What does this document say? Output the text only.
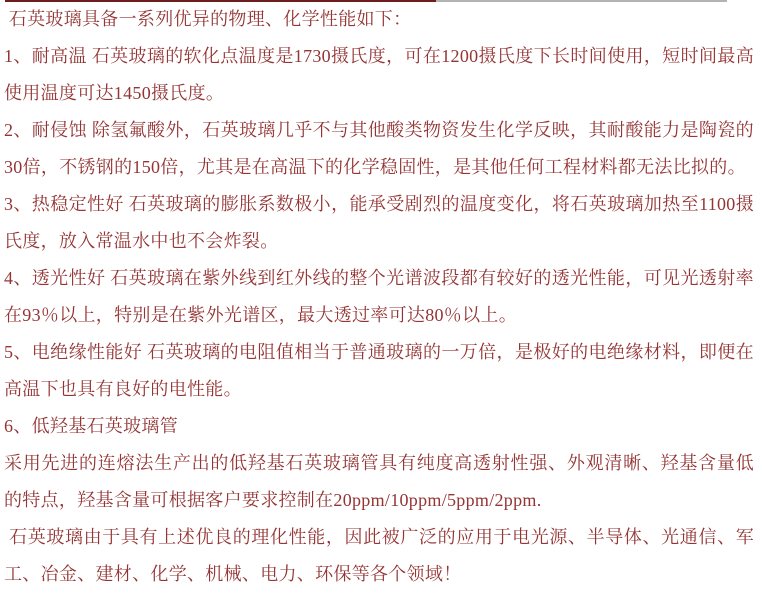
石英玻璃具备一系列优异的物理、化学性能如下：

1、耐高温 石英玻璃的软化点温度是1730摄氏度，可在1200摄氏度下长时间使用，短时间最高使用温度可达1450摄氏度。

2、耐侵蚀 除氢氟酸外，石英玻璃几乎不与其他酸类物资发生化学反映，其耐酸能力是陶瓷的30倍，不锈钢的150倍，尤其是在高温下的化学稳固性，是其他任何工程材料都无法比拟的。

3、热稳定性好 石英玻璃的膨胀系数极小，能承受剧烈的温度变化，将石英玻璃加热至1100摄氏度，放入常温水中也不会炸裂。

4、透光性好 石英玻璃在紫外线到红外线的整个光谱波段都有较好的透光性能，可见光透射率在93％以上，特别是在紫外光谱区，最大透过率可达80％以上。

5、电绝缘性能好 石英玻璃的电阻值相当于普通玻璃的一万倍，是极好的电绝缘材料，即便在高温下也具有良好的电性能。

6、低羟基石英玻璃管

采用先进的连熔法生产出的低羟基石英玻璃管具有纯度高透射性强、外观清晰、羟基含量低的特点，羟基含量可根据客户要求控制在20ppm/10ppm/5ppm/2ppm.

石英玻璃由于具有上述优良的理化性能，因此被广泛的应用于电光源、半导体、光通信、军工、冶金、建材、化学、机械、电力、环保等各个领域！
